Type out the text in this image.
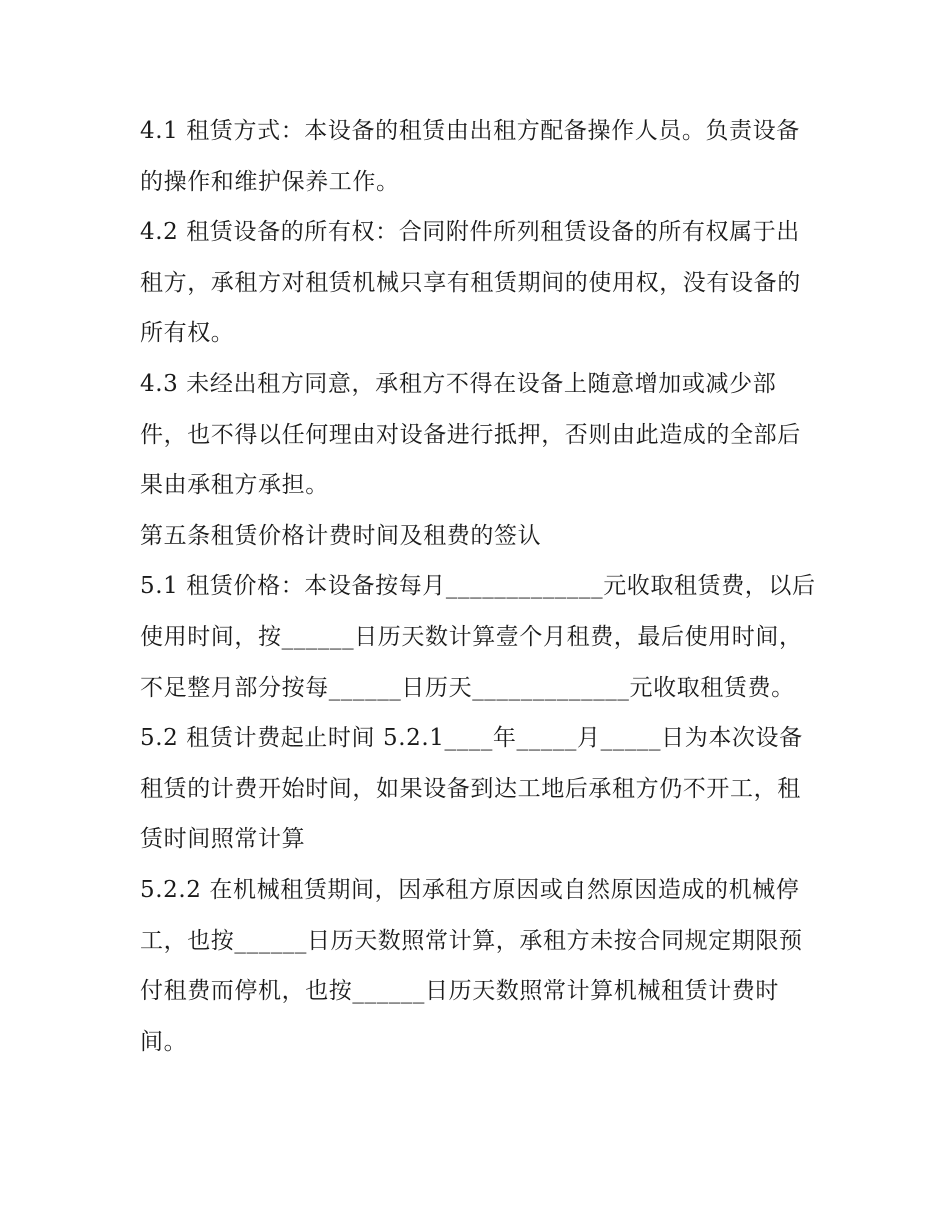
4.1 租赁方式：本设备的租赁由出租方配备操作人员。负责设备的操作和维护保养工作。

4.2 租赁设备的所有权：合同附件所列租赁设备的所有权属于出租方，承租方对租赁机械只享有租赁期间的使用权，没有设备的所有权。

4.3 未经出租方同意，承租方不得在设备上随意增加或减少部件，也不得以任何理由对设备进行抵押，否则由此造成的全部后果由承租方承担。

第五条租赁价格计费时间及租费的签认

5.1 租赁价格：本设备按每月_____________元收取租赁费，以后使用时间，按______日历天数计算壹个月租费，最后使用时间，不足整月部分按每______日历天_____________元收取租赁费。

5.2 租赁计费起止时间 5.2.1____年_____月_____日为本次设备租赁的计费开始时间，如果设备到达工地后承租方仍不开工，租赁时间照常计算

5.2.2 在机械租赁期间，因承租方原因或自然原因造成的机械停工，也按______日历天数照常计算，承租方未按合同规定期限预付租费而停机，也按______日历天数照常计算机械租赁计费时间。
